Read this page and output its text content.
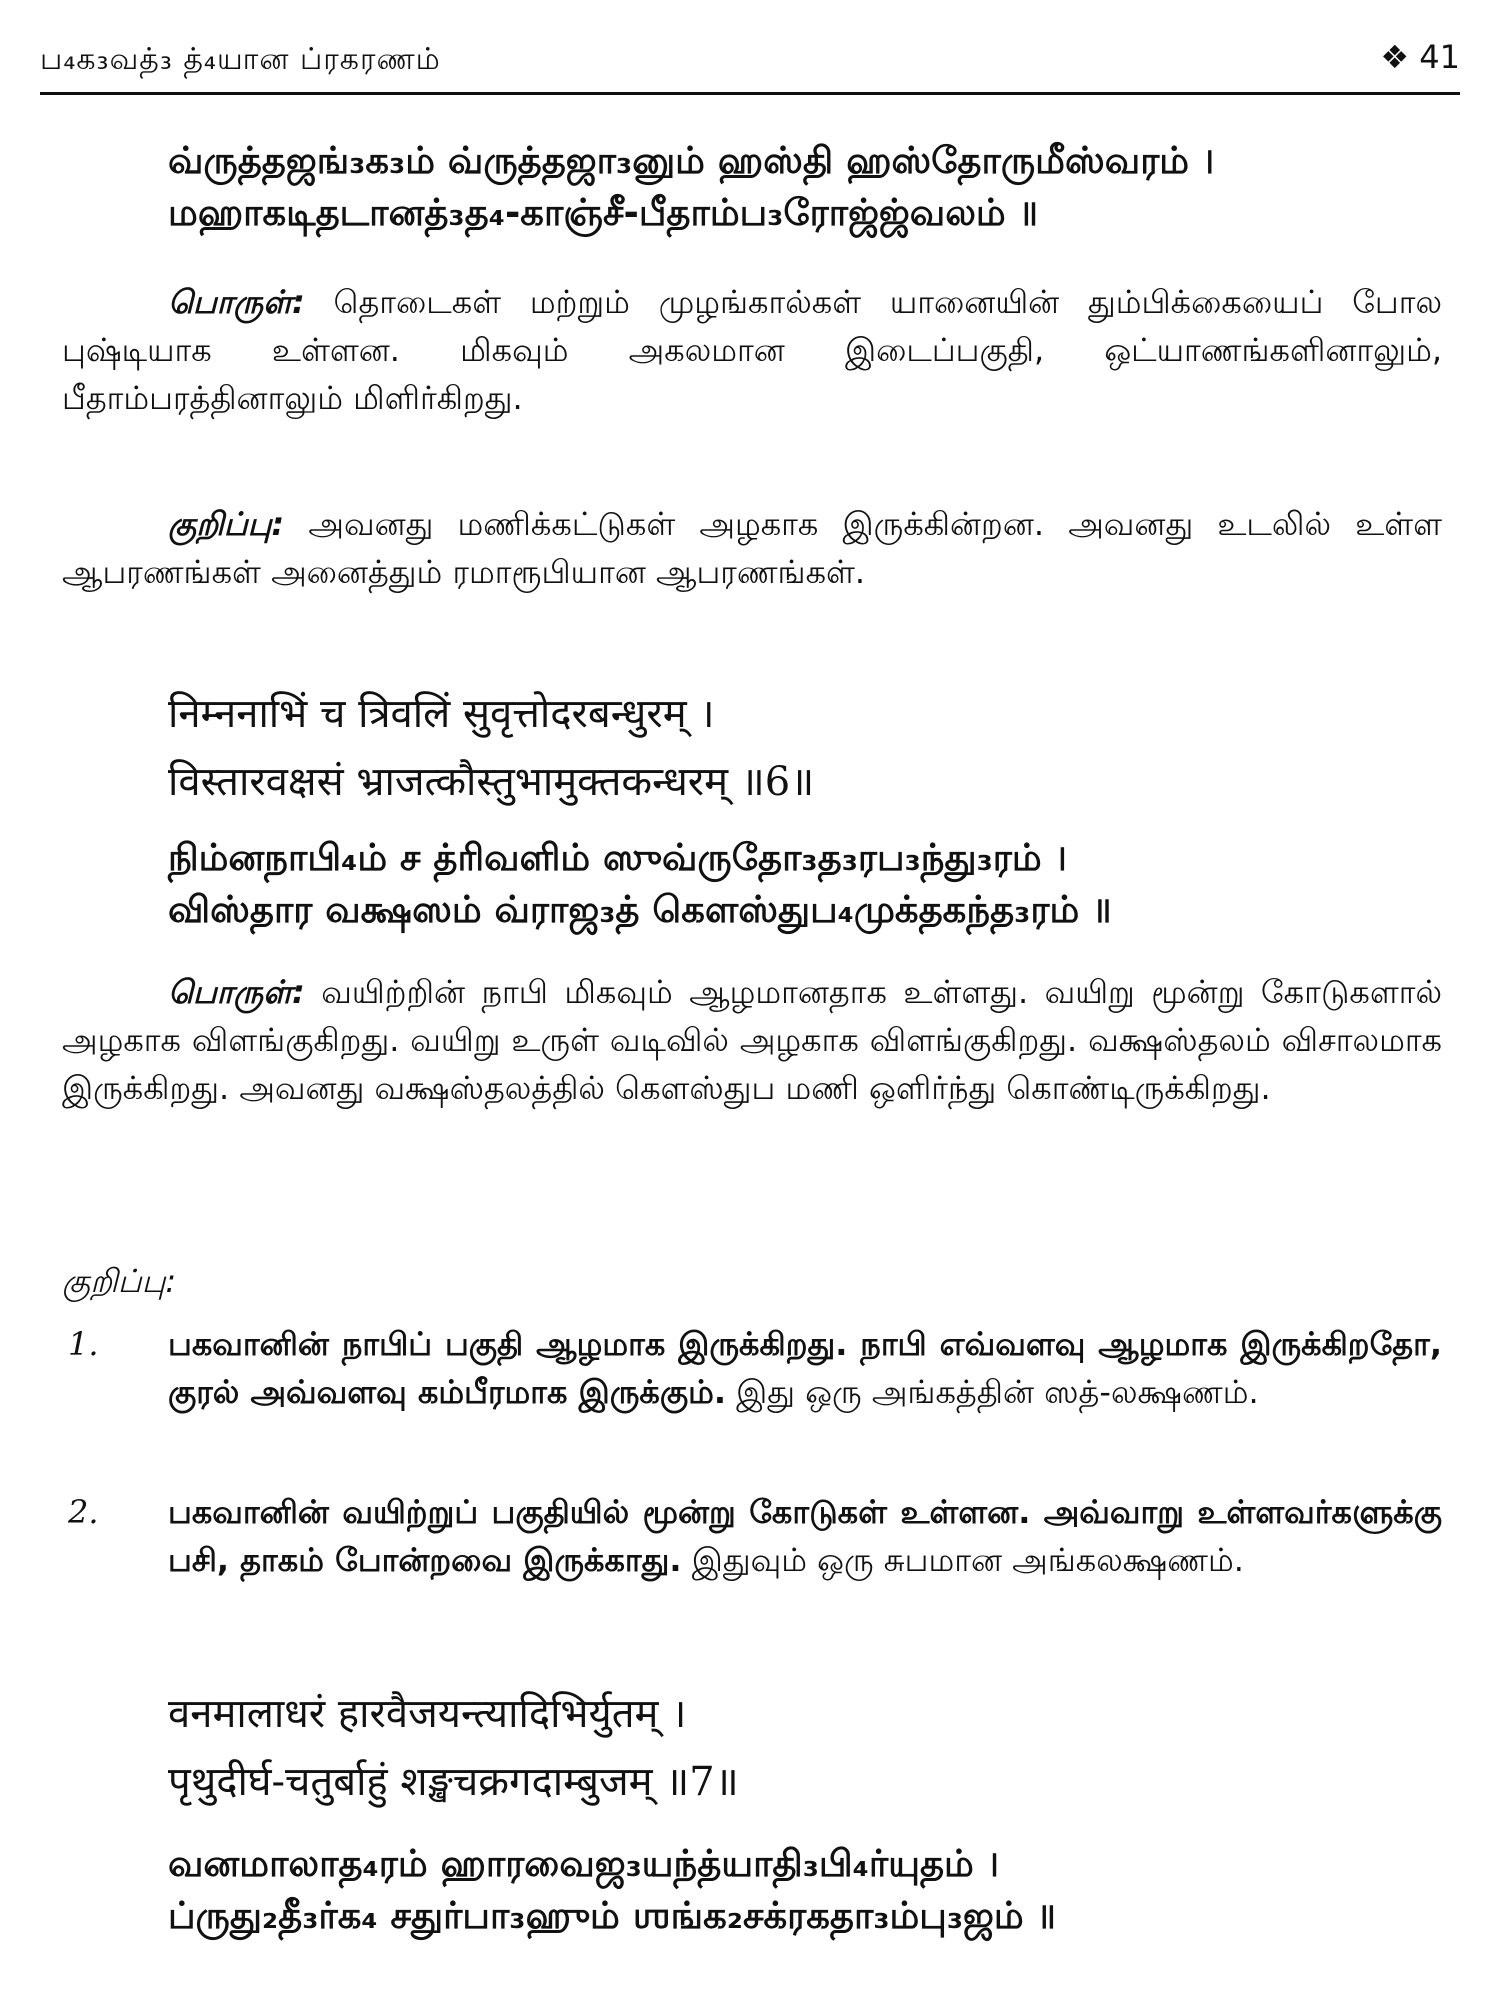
ப₄க₃வத்₃ த்₄யான ப்ரகரணம்	❖ 41

வ்ருத்தஜங்₃க₃ம் வ்ருத்தஜா₃னும் ஹஸ்தி ஹஸ்தோருமீஸ்வரம் ।

மஹாகடிதடானத்₃த₄-காஞ்சீ-பீதாம்ப₃ரோஜ்ஜ்வலம் ॥

பொருள்: தொடைகள் மற்றும் முழங்கால்கள் யானையின் தும்பிக்கையைப் போல புஷ்டியாக உள்ளன. மிகவும் அகலமான இடைப்பகுதி, ஒட்யாணங்களினாலும், பீதாம்பரத்தினாலும் மிளிர்கிறது.

குறிப்பு: அவனது மணிக்கட்டுகள் அழகாக இருக்கின்றன. அவனது உடலில் உள்ள ஆபரணங்கள் அனைத்தும் ரமாரூபியான ஆபரணங்கள்.

निम्ननाभिं च त्रिवलिं सुवृत्तोदरबन्धुरम् ।

विस्तारवक्षसं भ्राजत्कौस्तुभामुक्तकन्धरम् ॥6॥

நிம்னநாபி₄ம் ச த்ரிவளிம் ஸுவ்ருதோ₃த₃ரப₃ந்து₃ரம் ।

விஸ்தார வக்ஷஸம் வ்ராஜ₃த் கௌஸ்துப₄முக்தகந்த₃ரம் ॥

பொருள்: வயிற்றின் நாபி மிகவும் ஆழமானதாக உள்ளது. வயிறு மூன்று கோடுகளால் அழகாக விளங்குகிறது. வயிறு உருள் வடிவில் அழகாக விளங்குகிறது. வக்ஷஸ்தலம் விசாலமாக இருக்கிறது. அவனது வக்ஷஸ்தலத்தில் கௌஸ்துப மணி ஒளிர்ந்து கொண்டிருக்கிறது.

குறிப்பு:

1. பகவானின் நாபிப் பகுதி ஆழமாக இருக்கிறது. நாபி எவ்வளவு ஆழமாக இருக்கிறதோ, குரல் அவ்வளவு கம்பீரமாக இருக்கும். இது ஒரு அங்கத்தின் ஸத்-லக்ஷணம்.

2. பகவானின் வயிற்றுப் பகுதியில் மூன்று கோடுகள் உள்ளன. அவ்வாறு உள்ளவர்களுக்கு பசி, தாகம் போன்றவை இருக்காது. இதுவும் ஒரு சுபமான அங்கலக்ஷணம்.

वनमालाधरं हारवैजयन्त्यादिभिर्युतम् ।

पृथुदीर्घ-चतुर्बाहुं शङ्खचक्रगदाम्बुजम् ॥7॥

வனமாலாத₄ரம் ஹாரவைஜ₃யந்த்யாதி₃பி₄ர்யுதம் ।

ப்ருது₂தீ₃ர்க₄ சதுர்பா₃ஹும் ஶங்க₂சக்ரகதா₃ம்பு₃ஜம் ॥
